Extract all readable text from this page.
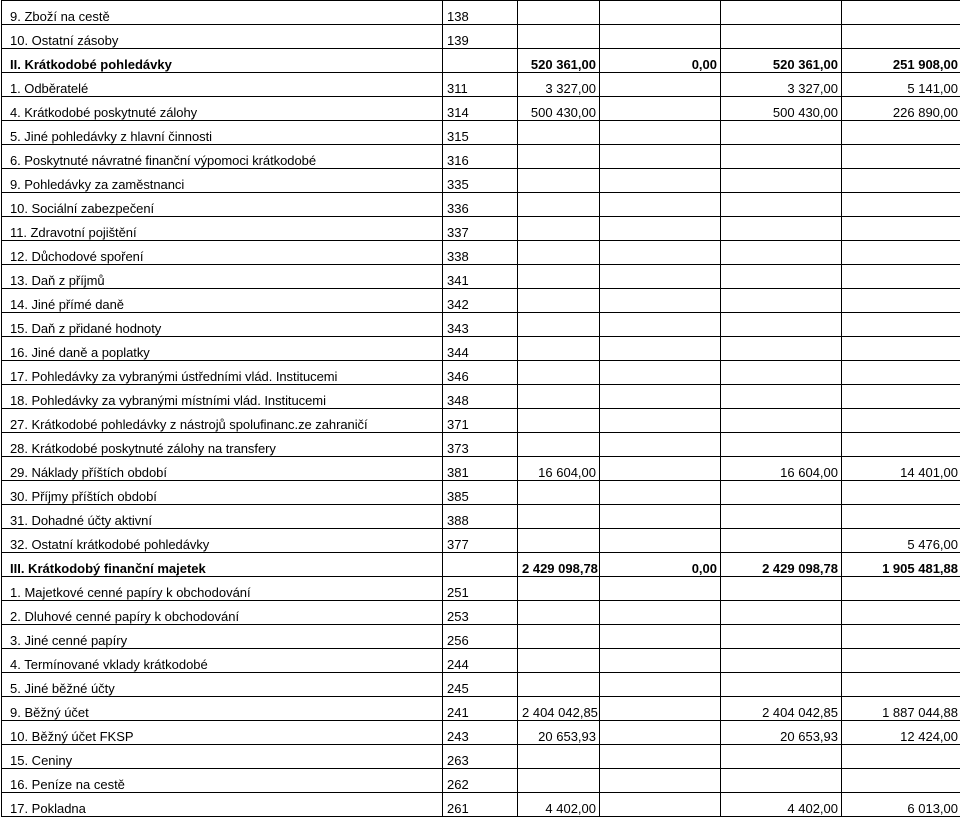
9. Zboží na cestě	138				
10. Ostatní zásoby	139				
II. Krátkodobé pohledávky		520 361,00	0,00	520 361,00	251 908,00
1. Odběratelé	311	3 327,00		3 327,00	5 141,00
4. Krátkodobé poskytnuté zálohy	314	500 430,00		500 430,00	226 890,00
5. Jiné pohledávky z hlavní činnosti	315				
6. Poskytnuté návratné finanční výpomoci krátkodobé	316				
9. Pohledávky za zaměstnanci	335				
10. Sociální zabezpečení	336				
11. Zdravotní pojištění	337				
12. Důchodové spoření	338				
13. Daň z příjmů	341				
14. Jiné přímé daně	342				
15. Daň z přidané hodnoty	343				
16. Jiné daně a poplatky	344				
17. Pohledávky za vybranými ústředními vlád. Institucemi	346				
18. Pohledávky za vybranými místními vlád. Institucemi	348				
27. Krátkodobé pohledávky z nástrojů spolufinanc.ze zahraničí	371				
28. Krátkodobé poskytnuté zálohy na transfery	373				
29. Náklady příštích období	381	16 604,00		16 604,00	14 401,00
30. Příjmy příštích období	385				
31. Dohadné účty aktivní	388				
32. Ostatní krátkodobé pohledávky	377				5 476,00
III. Krátkodobý finanční majetek		2 429 098,78	0,00	2 429 098,78	1 905 481,88
1. Majetkové cenné papíry k obchodování	251				
2. Dluhové cenné papíry k obchodování	253				
3. Jiné cenné papíry	256				
4. Termínované vklady krátkodobé	244				
5. Jiné běžné účty	245				
9. Běžný účet	241	2 404 042,85		2 404 042,85	1 887 044,88
10. Běžný účet FKSP	243	20 653,93		20 653,93	12 424,00
15. Ceniny	263				
16. Peníze na cestě	262				
17. Pokladna	261	4 402,00		4 402,00	6 013,00
